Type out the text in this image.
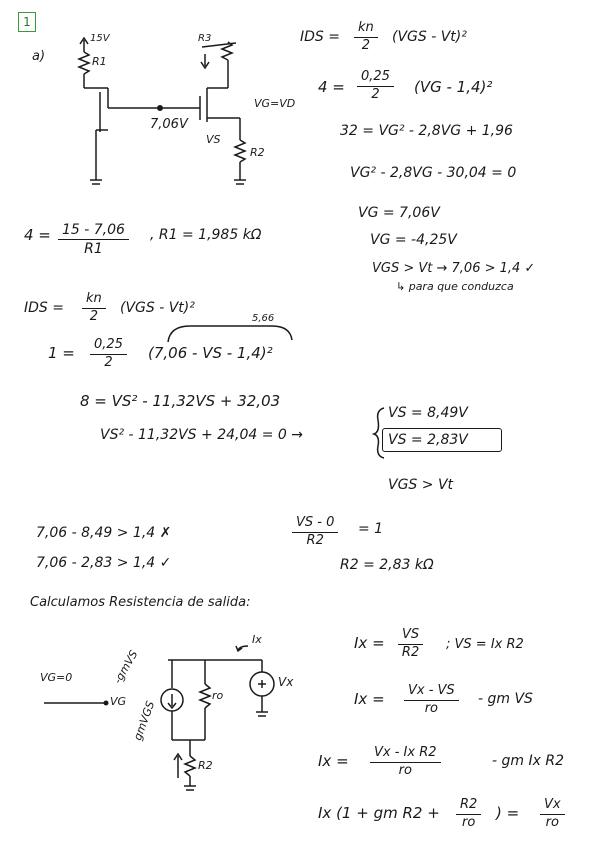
1
a)
15V
R1
R3
7,06V
VS
VG=VD
R2
IDS = $\frac{kn}{2} (VGS - Vt)^2$
$4 = \frac{0,25}{2} (VG - 1,4)^2$
32 = VG² - 2,8VG + 1,96
VG² - 2,8VG - 30,04 = 0
VG = 7,06V
VG = -4,25V
VGS > Vt → 7,06 > 1,4 ✓
↳ para que conduzca
$4 = \frac{15 - 7,06}{R1}$ , R1 = 1,985 kΩ
IDS = $\frac{kn}{2} (VGS - Vt)^2$
5,66
$1 = \frac{0,25}{2} (7,06$ - VS - 1,4)²
8 = VS² - 11,32VS + 32,03
VS² - 11,32VS + 24,04 = 0 →
VS = 8,49V
VS = 2,83V
VGS > Vt
7,06 - 8,49 > 1,4 ✗
7,06 - 2,83 > 1,4 ✓
$\frac{VS - 0}{R2} = 1$
R2 = 2,83 kΩ
Calculamos Resistencia de salida:
VG=0
VG
-gmVS
gmVGS
Ix
ro
Vx
R2
$Ix = \frac{VS}{R2}$ ; VS = Ix R2
$Ix = \frac{Vx - VS}{ro}$ - gm VS
$Ix = \frac{\text{Vx - Ix R2}}{ro}$	- gm Ix R2
Ix (1 + gm $R2 + \frac{R2}{ro}$ ) = $\frac{Vx}{ro}$
